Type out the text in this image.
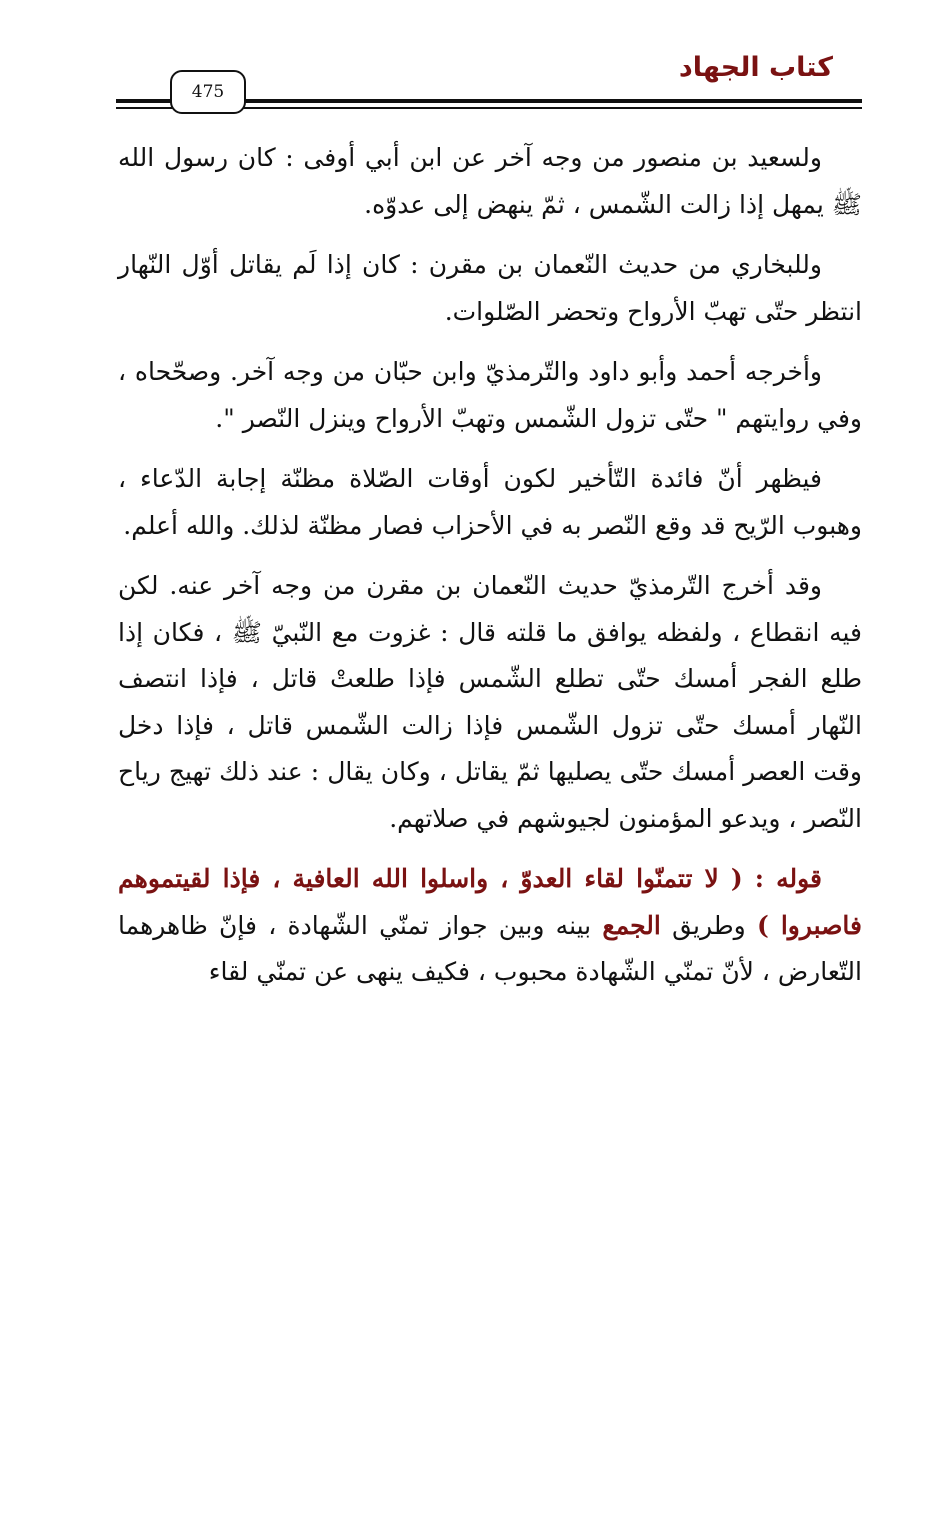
كتاب الجهاد
475

ولسعيد بن منصور من وجه آخر عن ابن أبي أوفى : كان رسول الله ﷺ يمهل إذا زالت الشّمس ، ثمّ ينهض إلى عدوّه.

وللبخاري من حديث النّعمان بن مقرن : كان إذا لَم يقاتل أوّل النّهار انتظر حتّى تهبّ الأرواح وتحضر الصّلوات.

وأخرجه أحمد وأبو داود والتّرمذيّ وابن حبّان من وجه آخر. وصحّحاه ، وفي روايتهم " حتّى تزول الشّمس وتهبّ الأرواح وينزل النّصر ".

فيظهر أنّ فائدة التّأخير لكون أوقات الصّلاة مظنّة إجابة الدّعاء ، وهبوب الرّيح قد وقع النّصر به في الأحزاب فصار مظنّة لذلك. والله أعلم.

وقد أخرج التّرمذيّ حديث النّعمان بن مقرن من وجه آخر عنه. لكن فيه انقطاع ، ولفظه يوافق ما قلته قال : غزوت مع النّبيّ ﷺ ، فكان إذا طلع الفجر أمسك حتّى تطلع الشّمس فإذا طلعتْ قاتل ، فإذا انتصف النّهار أمسك حتّى تزول الشّمس فإذا زالت الشّمس قاتل ، فإذا دخل وقت العصر أمسك حتّى يصليها ثمّ يقاتل ، وكان يقال : عند ذلك تهيج رياح النّصر ، ويدعو المؤمنون لجيوشهم في صلاتهم.

قوله : ( لا تتمنّوا لقاء العدوّ ، واسلوا الله العافية ، فإذا لقيتموهم فاصبروا ) وطريق الجمع بينه وبين جواز تمنّي الشّهادة ، فإنّ ظاهرهما التّعارض ، لأنّ تمنّي الشّهادة محبوب ، فكيف ينهى عن تمنّي لقاء
